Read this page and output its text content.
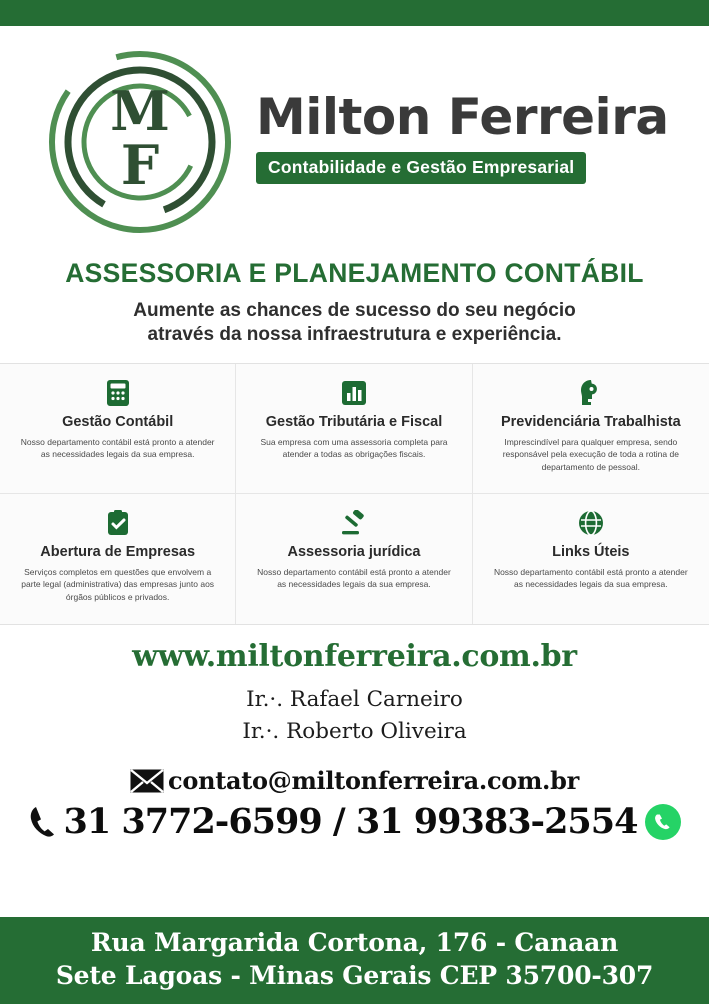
M
F
Milton Ferreira
Contabilidade e Gestão Empresarial
ASSESSORIA E PLANEJAMENTO CONTÁBIL
Aumente as chances de sucesso do seu negócio
através da nossa infraestrutura e experiência.
Gestão Contábil
Nosso departamento contábil está pronto a atender as necessidades legais da sua empresa.
Gestão Tributária e Fiscal
Sua empresa com uma assessoria completa para atender a todas as obrigações fiscais.
Previdenciária Trabalhista
Imprescindível para qualquer empresa, sendo responsável pela execução de toda a rotina de departamento de pessoal.
Abertura de Empresas
Serviços completos em questões que envolvem a parte legal (administrativa) das empresas junto aos órgãos públicos e privados.
Assessoria jurídica
Nosso departamento contábil está pronto a atender as necessidades legais da sua empresa.
Links Úteis
Nosso departamento contábil está pronto a atender as necessidades legais da sua empresa.
www.miltonferreira.com.br
Ir.·. Rafael Carneiro
Ir.·. Roberto Oliveira
contato@miltonferreira.com.br
31 3772-6599 / 31 99383-2554
Rua Margarida Cortona, 176 - Canaan
Sete Lagoas - Minas Gerais CEP 35700-307
